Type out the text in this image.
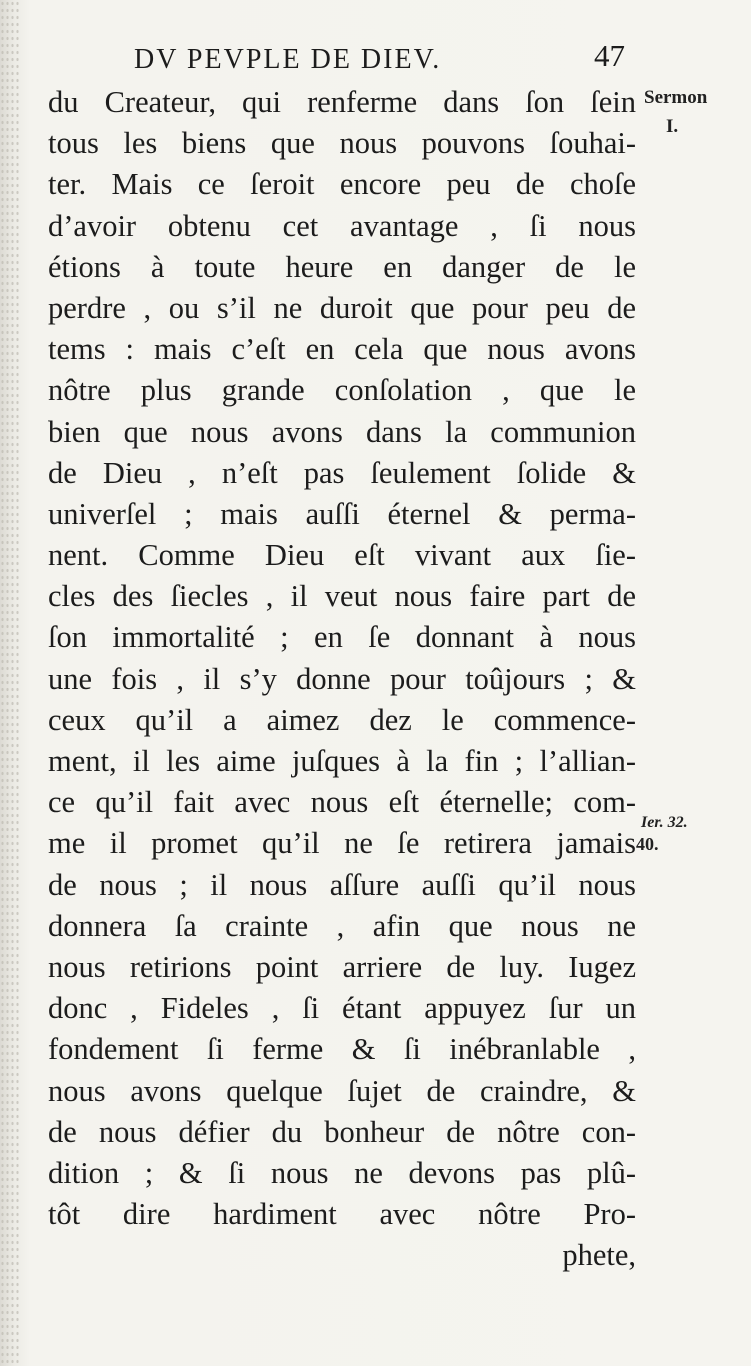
DV PEVPLE DE DIEV.	47
Sermon
I.
Ier. 32.
40.
du Createur, qui renferme dans ſon ſein
tous les biens que nous pouvons ſouhai-
ter. Mais ce ſeroit encore peu de choſe
d’avoir obtenu cet avantage , ſi nous
étions à toute heure en danger de le
perdre , ou s’il ne duroit que pour peu de
tems : mais c’eſt en cela que nous avons
nôtre plus grande conſolation , que le
bien que nous avons dans la communion
de Dieu , n’eſt pas ſeulement ſolide &
univerſel ; mais auſſi éternel & perma-
nent. Comme Dieu eſt vivant aux ſie-
cles des ſiecles , il veut nous faire part de
ſon immortalité ; en ſe donnant à nous
une fois , il s’y donne pour toûjours ; &
ceux qu’il a aimez dez le commence-
ment, il les aime juſques à la fin ; l’allian-
ce qu’il fait avec nous eſt éternelle; com-
me il promet qu’il ne ſe retirera jamais
de nous ; il nous aſſure auſſi qu’il nous
donnera ſa crainte , afin que nous ne
nous retirions point arriere de luy. Iugez
donc , Fideles , ſi étant appuyez ſur un
fondement ſi ferme & ſi inébranlable ,
nous avons quelque ſujet de craindre, &
de nous défier du bonheur de nôtre con-
dition ; & ſi nous ne devons pas plû-
tôt dire hardiment avec nôtre Pro-
phete,
